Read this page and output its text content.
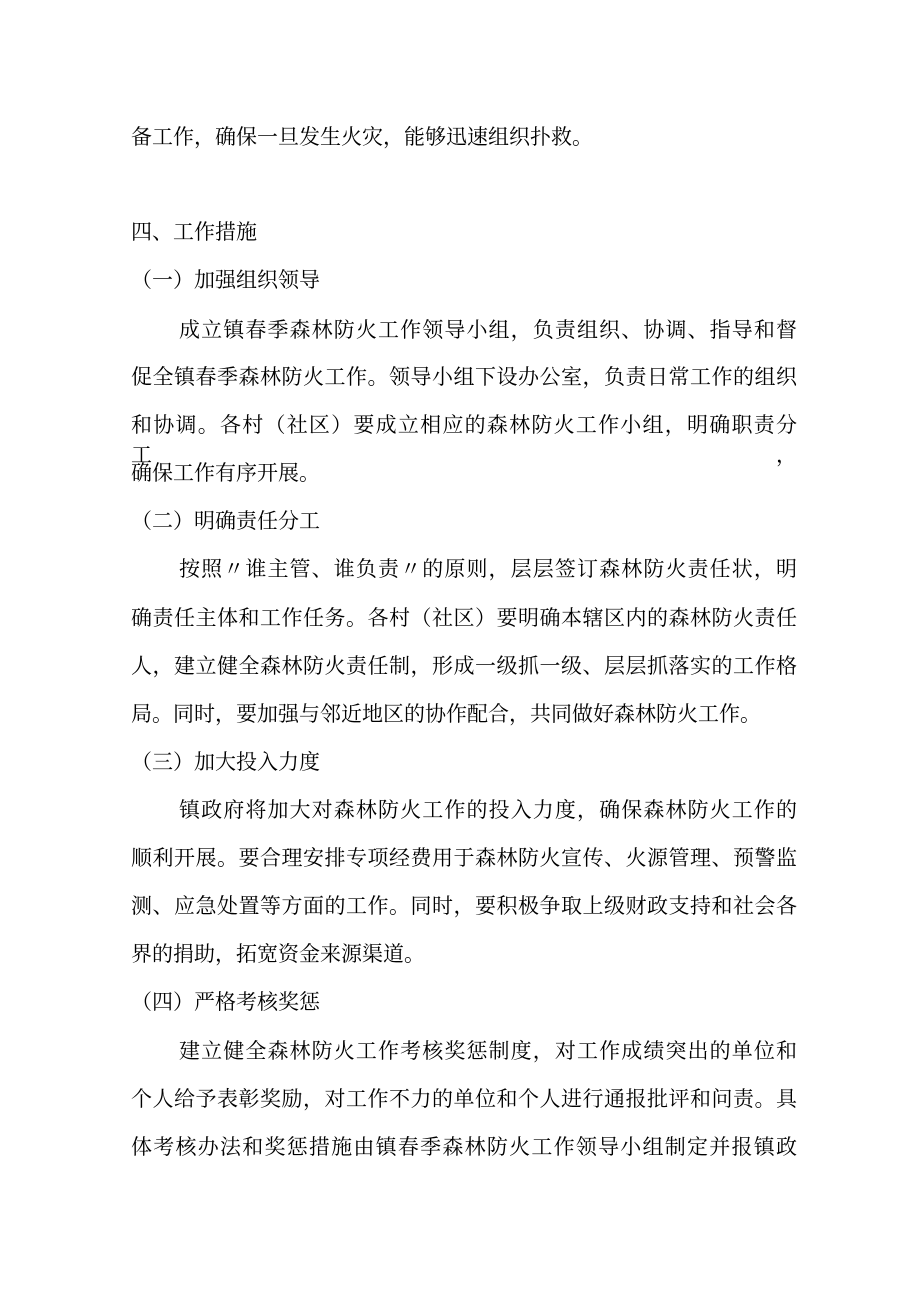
备工作，确保一旦发生火灾，能够迅速组织扑救。
四、工作措施
（一）加强组织领导
成立镇春季森林防火工作领导小组，负责组织、协调、指导和督
促全镇春季森林防火工作。领导小组下设办公室，负责日常工作的组织
和协调。各村（社区）要成立相应的森林防火工作小组，明确职责分工，
确保工作有序开展。
（二）明确责任分工
按照〃谁主管、谁负责〃的原则，层层签订森林防火责任状，明
确责任主体和工作任务。各村（社区）要明确本辖区内的森林防火责任
人，建立健全森林防火责任制，形成一级抓一级、层层抓落实的工作格
局。同时，要加强与邻近地区的协作配合，共同做好森林防火工作。
（三）加大投入力度
镇政府将加大对森林防火工作的投入力度，确保森林防火工作的
顺利开展。要合理安排专项经费用于森林防火宣传、火源管理、预警监
测、应急处置等方面的工作。同时，要积极争取上级财政支持和社会各
界的捐助，拓宽资金来源渠道。
（四）严格考核奖惩
建立健全森林防火工作考核奖惩制度，对工作成绩突出的单位和
个人给予表彰奖励，对工作不力的单位和个人进行通报批评和问责。具
体考核办法和奖惩措施由镇春季森林防火工作领导小组制定并报镇政
